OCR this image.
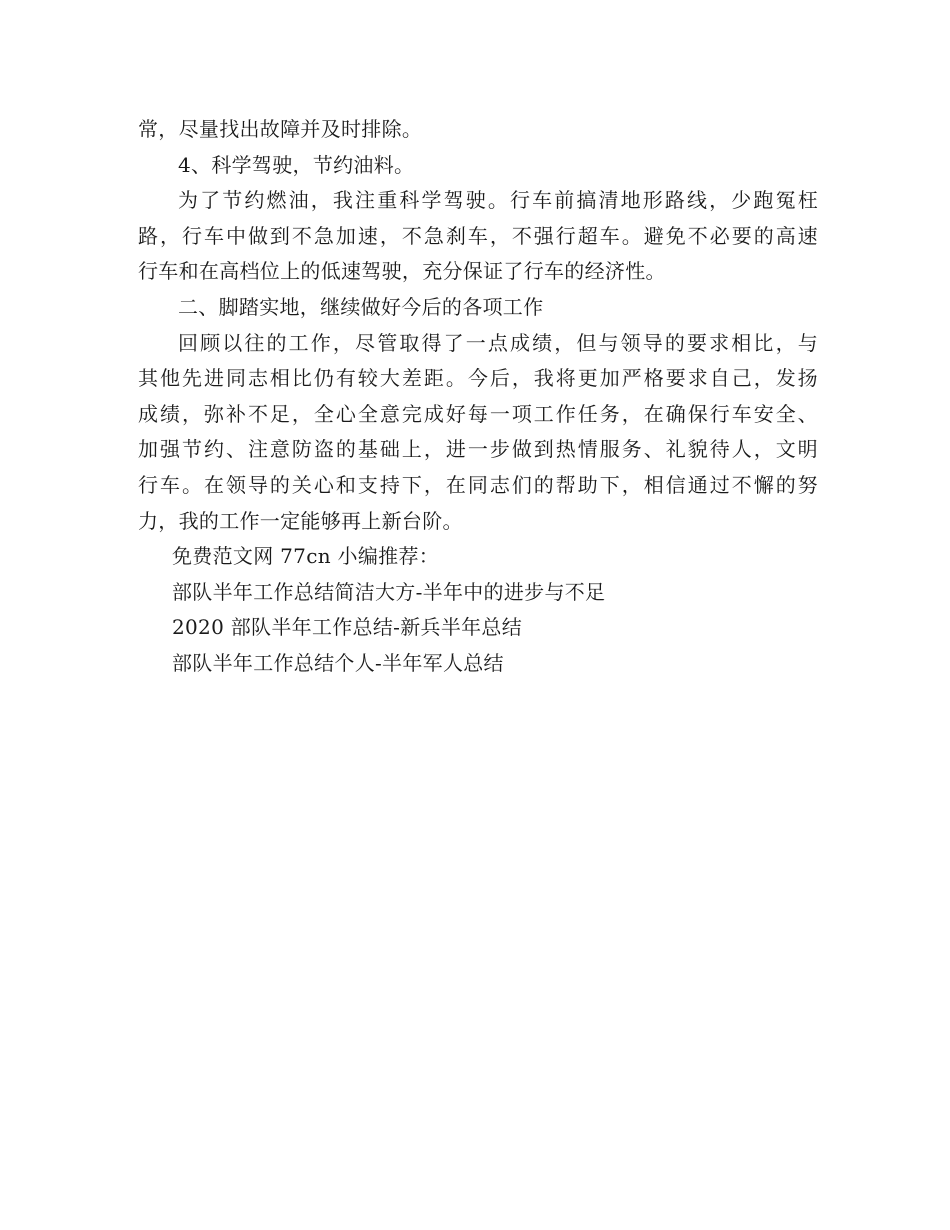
常，尽量找出故障并及时排除。
4、科学驾驶，节约油料。
为了节约燃油，我注重科学驾驶。行车前搞清地形路线，少跑冤枉
路，行车中做到不急加速，不急刹车，不强行超车。避免不必要的高速
行车和在高档位上的低速驾驶，充分保证了行车的经济性。
二、脚踏实地，继续做好今后的各项工作
回顾以往的工作，尽管取得了一点成绩，但与领导的要求相比，与
其他先进同志相比仍有较大差距。今后，我将更加严格要求自己，发扬
成绩，弥补不足，全心全意完成好每一项工作任务，在确保行车安全、
加强节约、注意防盗的基础上，进一步做到热情服务、礼貌待人，文明
行车。在领导的关心和支持下，在同志们的帮助下，相信通过不懈的努
力，我的工作一定能够再上新台阶。
免费范文网 77cn 小编推荐：
部队半年工作总结简洁大方-半年中的进步与不足
2020 部队半年工作总结-新兵半年总结
部队半年工作总结个人-半年军人总结
